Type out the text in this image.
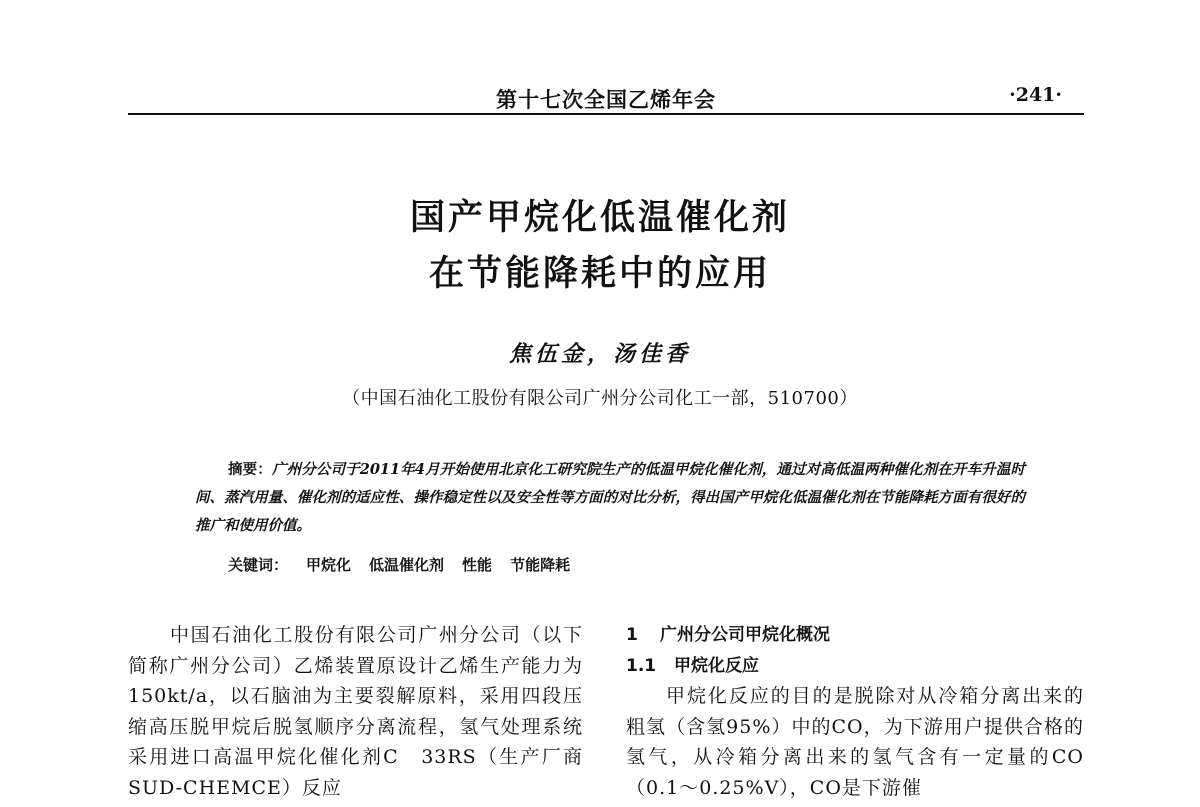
第十七次全国乙烯年会	·241·
国产甲烷化低温催化剂
在节能降耗中的应用
焦伍金，汤佳香
（中国石油化工股份有限公司广州分公司化工一部，510700）
摘要：广州分公司于2011年4月开始使用北京化工研究院生产的低温甲烷化催化剂，通过对高低温两种催化剂在开车升温时间、蒸汽用量、催化剂的适应性、操作稳定性以及安全性等方面的对比分析，得出国产甲烷化低温催化剂在节能降耗方面有很好的推广和使用价值。
关键词： 甲烷化 低温催化剂 性能 节能降耗

中国石油化工股份有限公司广州分公司（以下简称广州分公司）乙烯装置原设计乙烯生产能力为150kt/a，以石脑油为主要裂解原料，采用四段压缩高压脱甲烷后脱氢顺序分离流程，氢气处理系统采用进口高温甲烷化催化剂C　33RS（生产厂商SUD-CHEMCE）反应

1 广州分公司甲烷化概况
1.1 甲烷化反应

甲烷化反应的目的是脱除对从冷箱分离出来的粗氢（含氢95%）中的CO，为下游用户提供合格的氢气，从冷箱分离出来的氢气含有一定量的CO（0.1～0.25%V），CO是下游催
